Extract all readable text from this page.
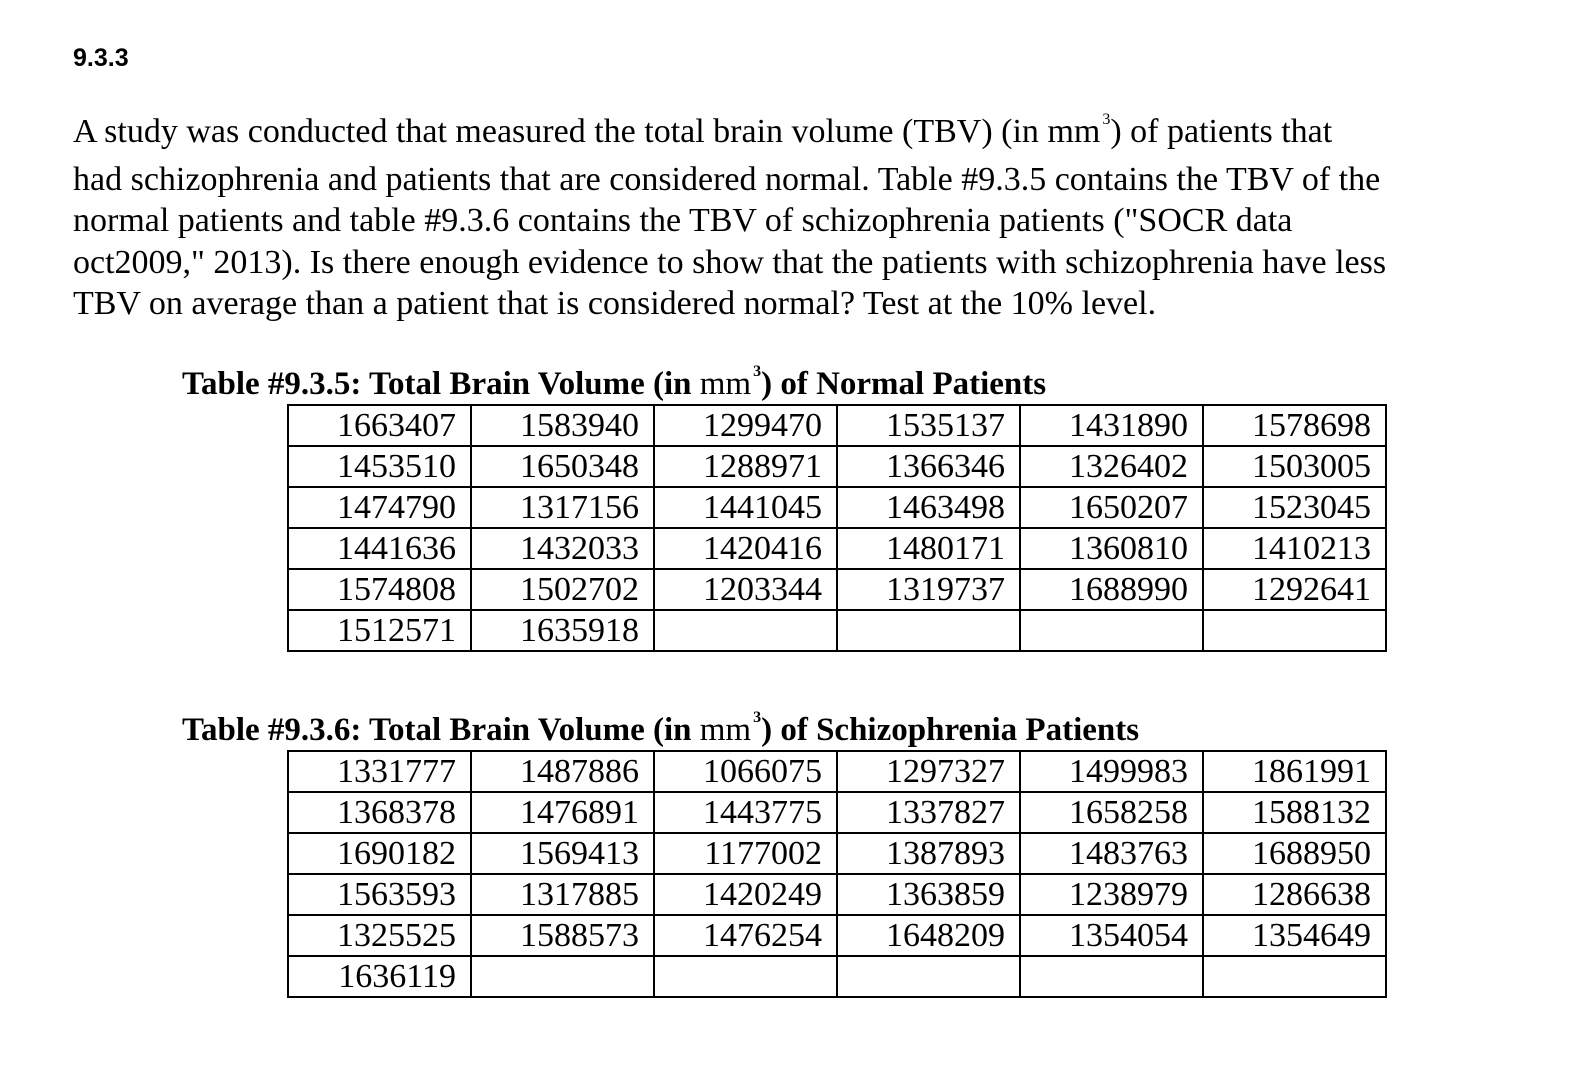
9.3.3
A study was conducted that measured the total brain volume (TBV) (in mm $^3$) of patients that
had schizophrenia and patients that are considered normal. Table #9.3.5 contains the TBV of the
normal patients and table #9.3.6 contains the TBV of schizophrenia patients ("SOCR data
oct2009," 2013). Is there enough evidence to show that the patients with schizophrenia have less
TBV on average than a patient that is considered normal? Test at the 10% level.
Table #9.3.5: Total Brain Volume (in mm $^3$) of Normal Patients
1663407	1583940	1299470	1535137	1431890	1578698
1453510	1650348	1288971	1366346	1326402	1503005
1474790	1317156	1441045	1463498	1650207	1523045
1441636	1432033	1420416	1480171	1360810	1410213
1574808	1502702	1203344	1319737	1688990	1292641
1512571	1635918				
Table #9.3.6: Total Brain Volume (in mm $^3$) of Schizophrenia Patients
1331777	1487886	1066075	1297327	1499983	1861991
1368378	1476891	1443775	1337827	1658258	1588132
1690182	1569413	1177002	1387893	1483763	1688950
1563593	1317885	1420249	1363859	1238979	1286638
1325525	1588573	1476254	1648209	1354054	1354649
1636119					
